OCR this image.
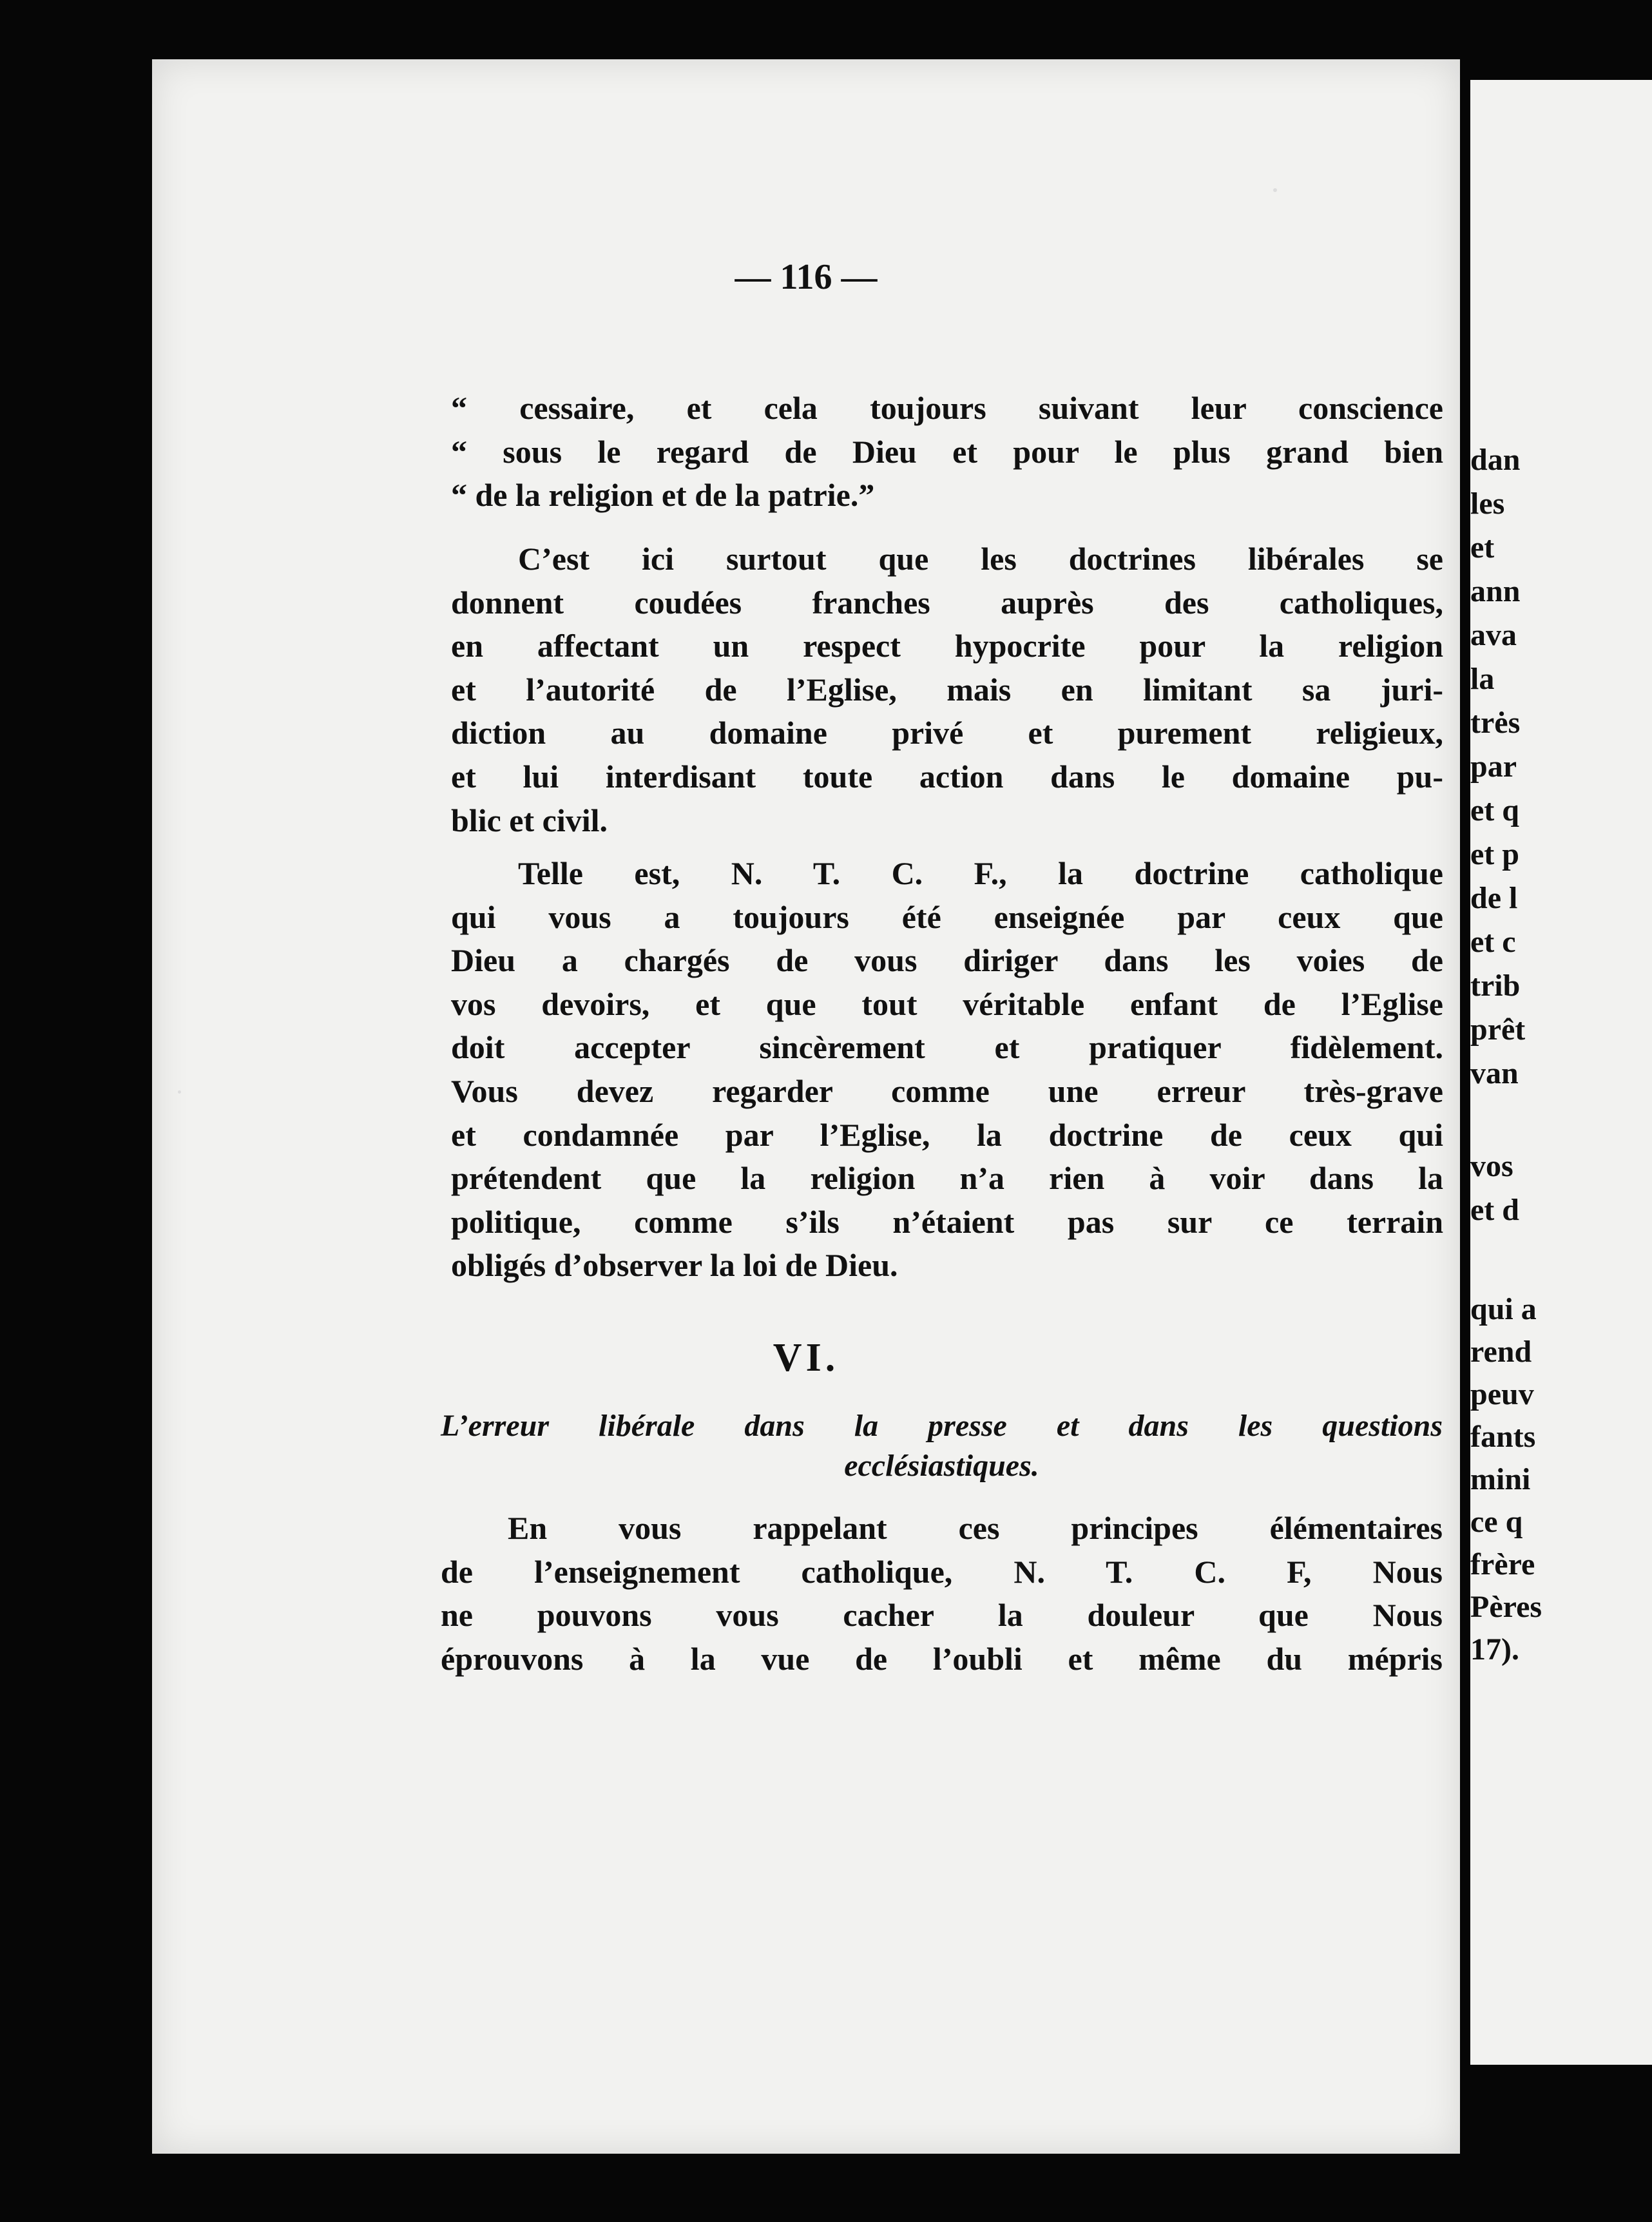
— 116 —
“ cessaire, et cela toujours suivant leur conscience
“ sous le regard de Dieu et pour le plus grand bien
“ de la religion et de la patrie.”
C’est ici surtout que les doctrines libérales se
donnent coudées franches auprès des catholiques,
en affectant un respect hypocrite pour la religion
et l’autorité de l’Eglise, mais en limitant sa juri-
diction au domaine privé et purement religieux,
et lui interdisant toute action dans le domaine pu-
blic et civil.
Telle est, N. T. C. F., la doctrine catholique
qui vous a toujours été enseignée par ceux que
Dieu a chargés de vous diriger dans les voies de
vos devoirs, et que tout véritable enfant de l’Eglise
doit accepter sincèrement et pratiquer fidèlement.
Vous devez regarder comme une erreur très-grave
et condamnée par l’Eglise, la doctrine de ceux qui
prétendent que la religion n’a rien à voir dans la
politique, comme s’ils n’étaient pas sur ce terrain
obligés d’observer la loi de Dieu.
VI.
L’erreur libérale dans la presse et dans les questions
ecclésiastiques.
En vous rappelant ces principes élémentaires
de l’enseignement catholique, N. T. C. F, Nous
ne pouvons vous cacher la douleur que Nous
éprouvons à la vue de l’oubli et même du mépris
dan
les
et
ann
ava
la
trės
par
et q
et p
de l
et c
trib
prêt
van
vos
et d
qui a
rend
peuv
fants
mini
ce q
frère
Pères
17).
